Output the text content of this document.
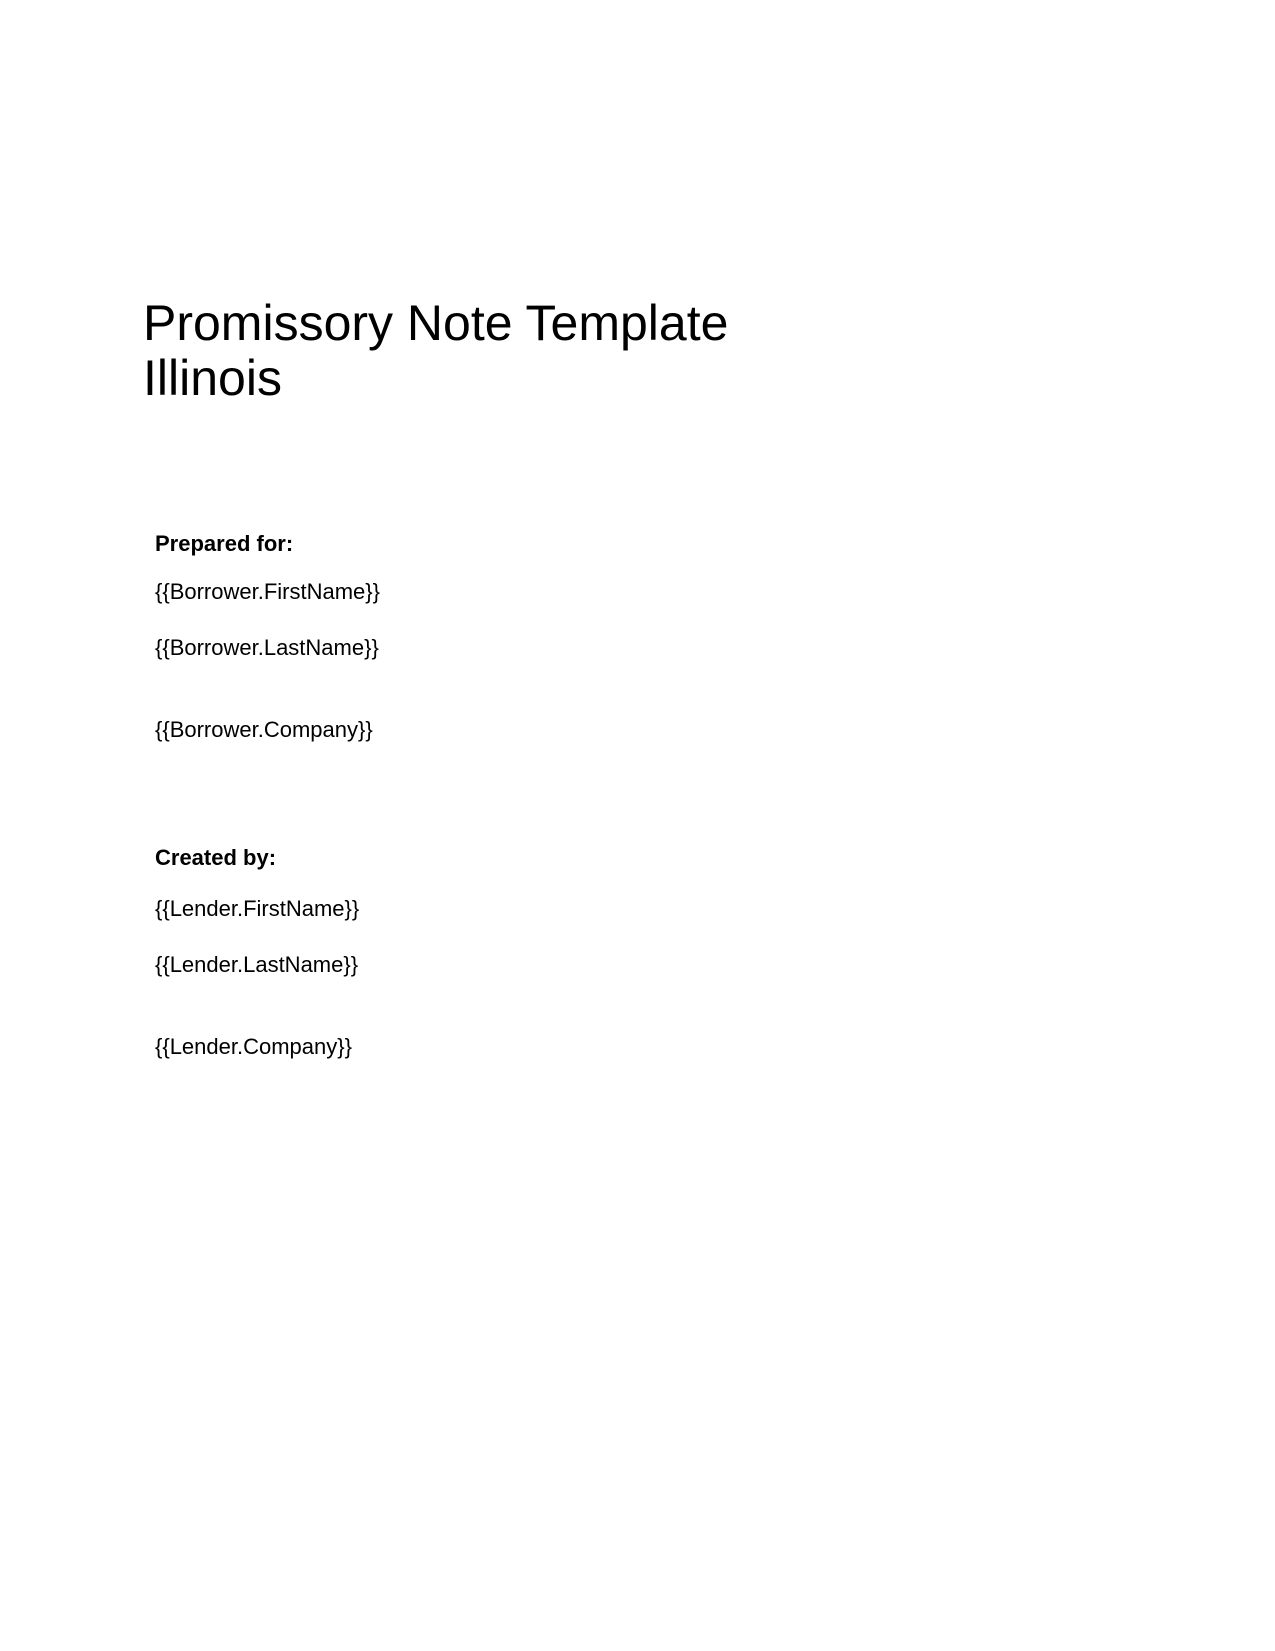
Promissory Note Template
Illinois

Prepared for:

{{Borrower.FirstName}}

{{Borrower.LastName}}

{{Borrower.Company}}

Created by:

{{Lender.FirstName}}

{{Lender.LastName}}

{{Lender.Company}}
